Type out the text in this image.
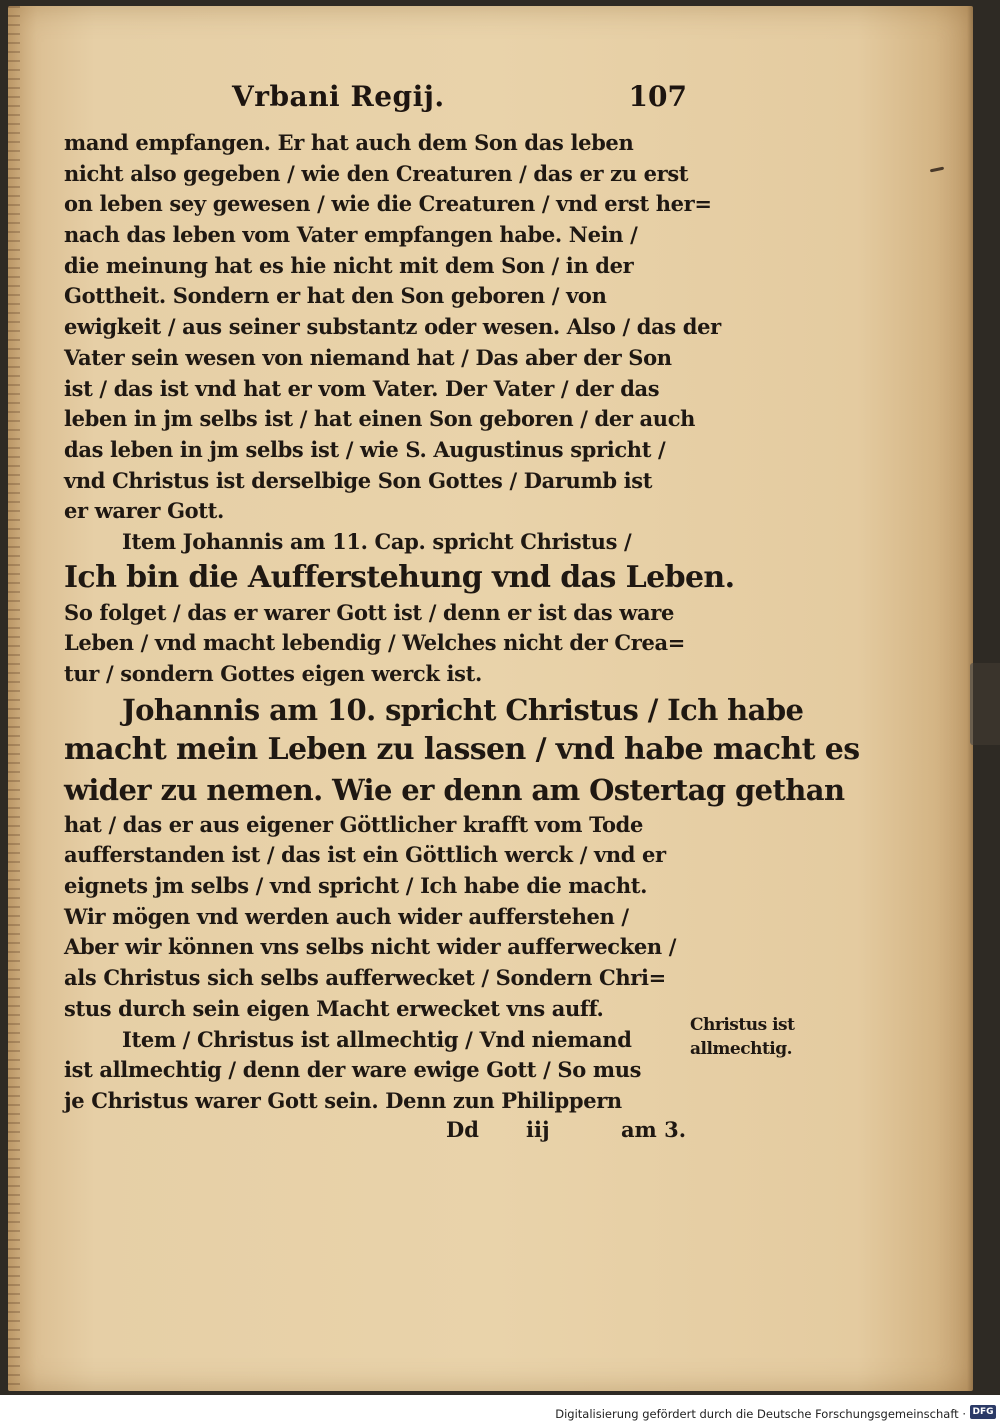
Vrbani Regij.	107
mand empfangen. Er hat auch dem Son das leben
nicht also gegeben / wie den Creaturen / das er zu erst
on leben sey gewesen / wie die Creaturen / vnd erst her=
nach das leben vom Vater empfangen habe. Nein /
die meinung hat es hie nicht mit dem Son / in der
Gottheit. Sondern er hat den Son geboren / von
ewigkeit / aus seiner substantz oder wesen. Also / das der
Vater sein wesen von niemand hat / Das aber der Son
ist / das ist vnd hat er vom Vater. Der Vater / der das
leben in jm selbs ist / hat einen Son geboren / der auch
das leben in jm selbs ist / wie S. Augustinus spricht /
vnd Christus ist derselbige Son Gottes / Darumb ist
er warer Gott.
Item Johannis am 11. Cap. spricht Christus /
Ich bin die Aufferstehung vnd das Leben.
So folget / das er warer Gott ist / denn er ist das ware
Leben / vnd macht lebendig / Welches nicht der Crea=
tur / sondern Gottes eigen werck ist.
Johannis am 10. spricht Christus / Ich habe
macht mein Leben zu lassen / vnd habe macht es
wider zu nemen. Wie er denn am Ostertag gethan
hat / das er aus eigener Göttlicher krafft vom Tode
aufferstanden ist / das ist ein Göttlich werck / vnd er
eignets jm selbs / vnd spricht / Ich habe die macht.
Wir mögen vnd werden auch wider aufferstehen /
Aber wir können vns selbs nicht wider aufferwecken /
als Christus sich selbs aufferwecket / Sondern Chri=
stus durch sein eigen Macht erwecket vns auff.
Item / Christus ist allmechtig / Vnd niemand
ist allmechtig / denn der ware ewige Gott / So mus
je Christus warer Gott sein. Denn zun Philippern
Christus ist
allmechtig.
Dd iij	am 3.
Digitalisierung gefördert durch die Deutsche Forschungsgemeinschaft · DFG
